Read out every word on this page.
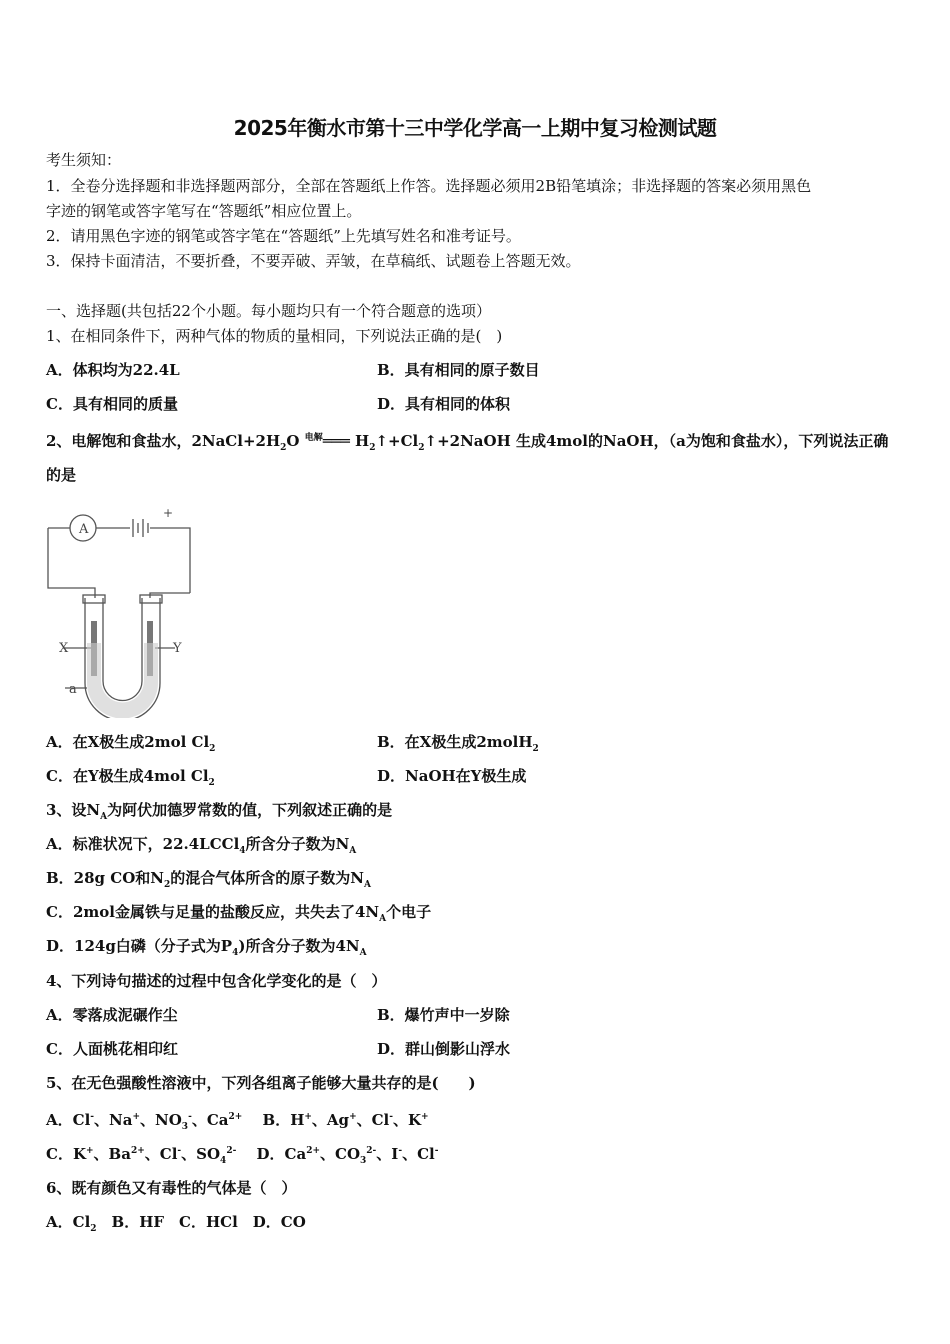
2025年衡水市第十三中学化学高一上期中复习检测试题
考生须知：
1．全卷分选择题和非选择题两部分，全部在答题纸上作答。选择题必须用2B铅笔填涂；非选择题的答案必须用黑色
字迹的钢笔或答字笔写在“答题纸”相应位置上。
2．请用黑色字迹的钢笔或答字笔在“答题纸”上先填写姓名和准考证号。
3．保持卡面清洁，不要折叠，不要弄破、弄皱，在草稿纸、试题卷上答题无效。
一、选择题(共包括22个小题。每小题均只有一个符合题意的选项）
1、在相同条件下，两种气体的物质的量相同，下列说法正确的是(　)
A．体积均为22.4L	B．具有相同的原子数目
C．具有相同的质量	D．具有相同的体积
2、电解饱和食盐水，$2NaCl+2H_2O$ $^{电解}$═══ $H_2↑+Cl_2↑+2NaOH$ 生成4mol的NaOH，（a为饱和食盐水），下列说法正确
的是
A．在X极生成2mol $Cl_2$	B．在X极生成2molH$_2$
C．在Y极生成4mol $Cl_2$	D．NaOH在Y极生成
3、设$N_A$为阿伏加德罗常数的值，下列叙述正确的是
A．标准状况下，22.4LCCl$_4$所含分子数为$N_A$
B．28g CO和$N_2$的混合气体所含的原子数为$N_A$
C．2mol金属铁与足量的盐酸反应，共失去了$4N_A$个电子
D．124g白磷（分子式为$P_4$)所含分子数为$4N_A$
4、下列诗句描述的过程中包含化学变化的是（　）
A．零落成泥碾作尘	B．爆竹声中一岁除
C．人面桃花相印红	D．群山倒影山浮水
5、在无色强酸性溶液中，下列各组离子能够大量共存的是(　　)
A．Cl-、Na+、$NO_3^-$、$Ca^{2+}$　 B．H+、Ag+、Cl-、K+
C．K+、$Ba^{2+}$、Cl-、$SO_4^{2-}$　 D．$Ca^{2+}$、$CO_3^{2-}$、I-、Cl-
6、既有颜色又有毒性的气体是（　）
A．$Cl_2$　B．HF　C．HCl　D．CO
A
+
X	Y
a
